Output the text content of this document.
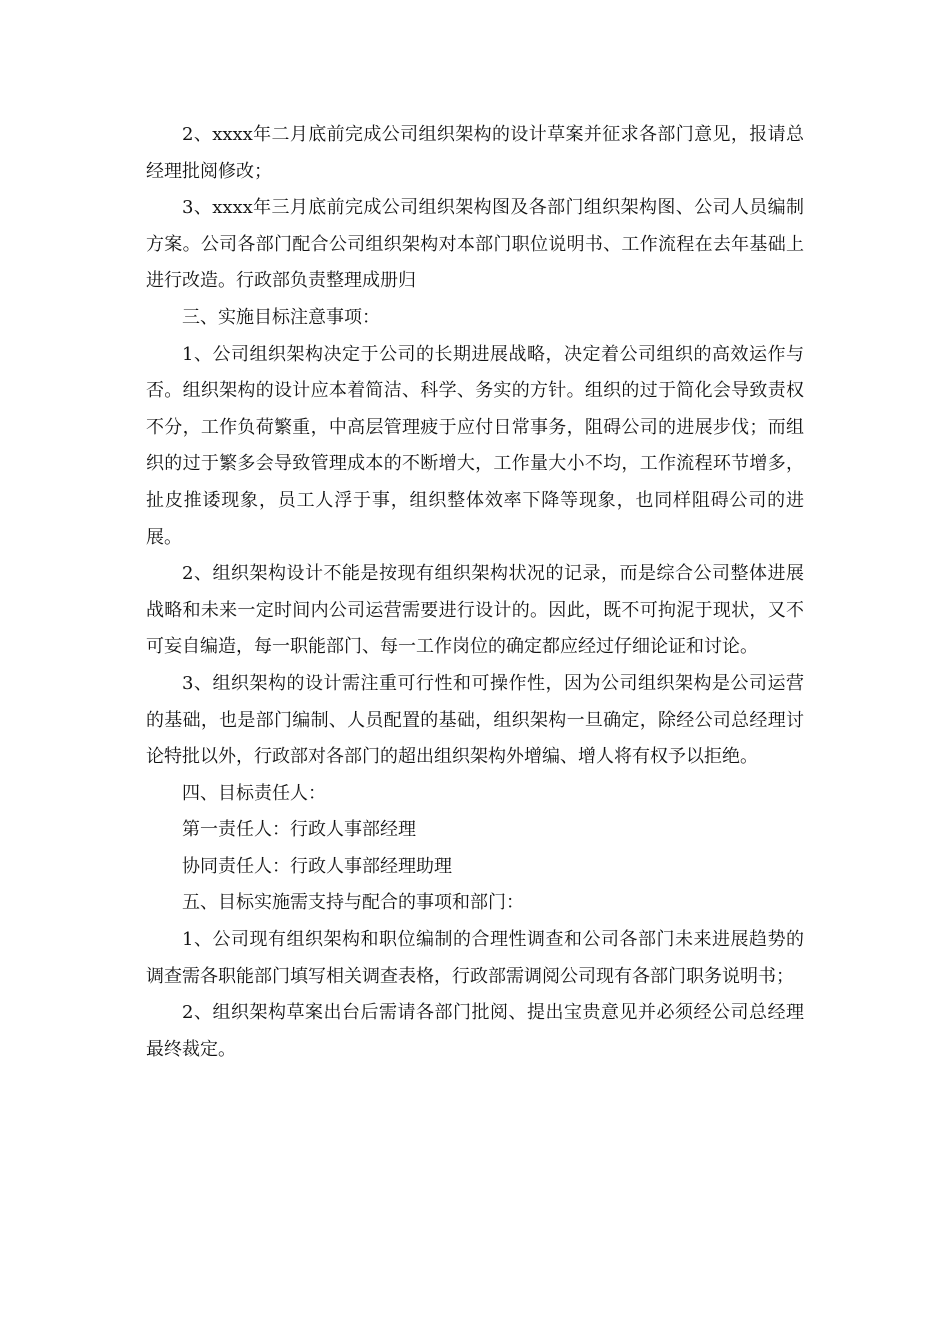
2、xxxx年二月底前完成公司组织架构的设计草案并征求各部门意见，报请总经理批阅修改；

3、xxxx年三月底前完成公司组织架构图及各部门组织架构图、公司人员编制方案。公司各部门配合公司组织架构对本部门职位说明书、工作流程在去年基础上进行改造。行政部负责整理成册归

三、实施目标注意事项：

1、公司组织架构决定于公司的长期进展战略，决定着公司组织的高效运作与否。组织架构的设计应本着简洁、科学、务实的方针。组织的过于简化会导致责权不分，工作负荷繁重，中高层管理疲于应付日常事务，阻碍公司的进展步伐；而组织的过于繁多会导致管理成本的不断增大，工作量大小不均，工作流程环节增多，扯皮推诿现象，员工人浮于事，组织整体效率下降等现象，也同样阻碍公司的进展。

2、组织架构设计不能是按现有组织架构状况的记录，而是综合公司整体进展战略和未来一定时间内公司运营需要进行设计的。因此，既不可拘泥于现状，又不可妄自编造，每一职能部门、每一工作岗位的确定都应经过仔细论证和讨论。

3、组织架构的设计需注重可行性和可操作性，因为公司组织架构是公司运营的基础，也是部门编制、人员配置的基础，组织架构一旦确定，除经公司总经理讨论特批以外，行政部对各部门的超出组织架构外增编、增人将有权予以拒绝。

四、目标责任人：

第一责任人：行政人事部经理

协同责任人：行政人事部经理助理

五、目标实施需支持与配合的事项和部门：

1、公司现有组织架构和职位编制的合理性调查和公司各部门未来进展趋势的调查需各职能部门填写相关调查表格，行政部需调阅公司现有各部门职务说明书；

2、组织架构草案出台后需请各部门批阅、提出宝贵意见并必须经公司总经理最终裁定。
